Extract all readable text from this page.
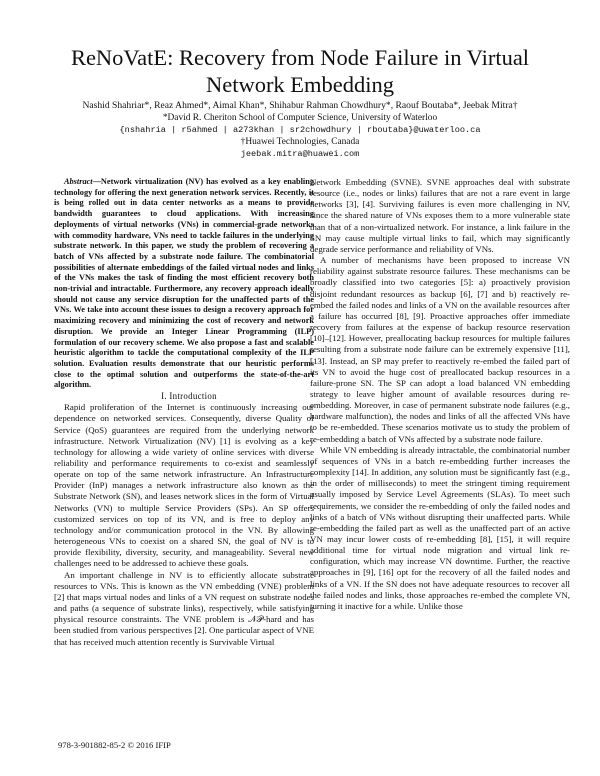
ReNoVatE: Recovery from Node Failure in Virtual
Network Embedding
Nashid Shahriar*, Reaz Ahmed*, Aimal Khan*, Shihabur Rahman Chowdhury*, Raouf Boutaba*, Jeebak Mitra†
*David R. Cheriton School of Computer Science, University of Waterloo
{nshahria | r5ahmed | a273khan | sr2chowdhury | rboutaba}@uwaterloo.ca
†Huawei Technologies, Canada
jeebak.mitra@huawei.com

Abstract—Network virtualization (NV) has evolved as a key enabling technology for offering the next generation network services. Recently, it is being rolled out in data center networks as a means to provide bandwidth guarantees to cloud applications. With increasing deployments of virtual networks (VNs) in commercial-grade networks with commodity hardware, VNs need to tackle failures in the underlying substrate network. In this paper, we study the problem of recovering a batch of VNs affected by a substrate node failure. The combinatorial possibilities of alternate embeddings of the failed virtual nodes and links of the VNs makes the task of finding the most efficient recovery both non-trivial and intractable. Furthermore, any recovery approach ideally should not cause any service disruption for the unaffected parts of the VNs. We take into account these issues to design a recovery approach for maximizing recovery and minimizing the cost of recovery and network disruption. We provide an Integer Linear Programming (ILP) formulation of our recovery scheme. We also propose a fast and scalable heuristic algorithm to tackle the computational complexity of the ILP solution. Evaluation results demonstrate that our heuristic performs close to the optimal solution and outperforms the state-of-the-art algorithm.

I. Introduction

Rapid proliferation of the Internet is continuously increasing our dependence on networked services. Consequently, diverse Quality of Service (QoS) guarantees are required from the underlying network infrastructure. Network Virtualization (NV) [1] is evolving as a key technology for allowing a wide variety of online services with diverse reliability and performance requirements to co-exist and seamlessly operate on top of the same network infrastructure. An Infrastructure Provider (InP) manages a network infrastructure also known as the Substrate Network (SN), and leases network slices in the form of Virtual Networks (VN) to multiple Service Providers (SPs). An SP offers customized services on top of its VN, and is free to deploy any technology and/or communication protocol in the VN. By allowing heterogeneous VNs to coexist on a shared SN, the goal of NV is to provide flexibility, diversity, security, and manageability. Several new challenges need to be addressed to achieve these goals.

An important challenge in NV is to efficiently allocate substrate resources to VNs. This is known as the VN embedding (VNE) problem [2] that maps virtual nodes and links of a VN request on substrate nodes and paths (a sequence of substrate links), respectively, while satisfying physical resource constraints. The VNE problem is 𝒩𝒫-hard and has been studied from various perspectives [2]. One particular aspect of VNE that has received much attention recently is Survivable Virtual

Network Embedding (SVNE). SVNE approaches deal with substrate resource (i.e., nodes or links) failures that are not a rare event in large networks [3], [4]. Surviving failures is even more challenging in NV, since the shared nature of VNs exposes them to a more vulnerable state than that of a non-virtualized network. For instance, a link failure in the SN may cause multiple virtual links to fail, which may significantly degrade service performance and reliability of VNs.

A number of mechanisms have been proposed to increase VN reliability against substrate resource failures. These mechanisms can be broadly classified into two categories [5]: a) proactively provision disjoint redundant resources as backup [6], [7] and b) reactively re-embed the failed nodes and links of a VN on the available resources after a failure has occurred [8], [9]. Proactive approaches offer immediate recovery from failures at the expense of backup resource reservation [10]–[12]. However, preallocating backup resources for multiple failures resulting from a substrate node failure can be extremely expensive [11], [13]. Instead, an SP may prefer to reactively re-embed the failed part of its VN to avoid the huge cost of preallocated backup resources in a failure-prone SN. The SP can adopt a load balanced VN embedding strategy to leave higher amount of available resources during re-embedding. Moreover, in case of permanent substrate node failures (e.g., hardware malfunction), the nodes and links of all the affected VNs have to be re-embedded. These scenarios motivate us to study the problem of re-embedding a batch of VNs affected by a substrate node failure.

While VN embedding is already intractable, the combinatorial number of sequences of VNs in a batch re-embedding further increases the complexity [14]. In addition, any solution must be significantly fast (e.g., in the order of milliseconds) to meet the stringent timing requirement usually imposed by Service Level Agreements (SLAs). To meet such requirements, we consider the re-embedding of only the failed nodes and links of a batch of VNs without disrupting their unaffected parts. While re-embedding the failed part as well as the unaffected part of an active VN may incur lower costs of re-embedding [8], [15], it will require additional time for virtual node migration and virtual link re-configuration, which may increase VN downtime. Further, the reactive approaches in [9], [16] opt for the recovery of all the failed nodes and links of a VN. If the SN does not have adequate resources to recover all the failed nodes and links, those approaches re-embed the complete VN, turning it inactive for a while. Unlike those

978-3-901882-85-2 © 2016 IFIP
